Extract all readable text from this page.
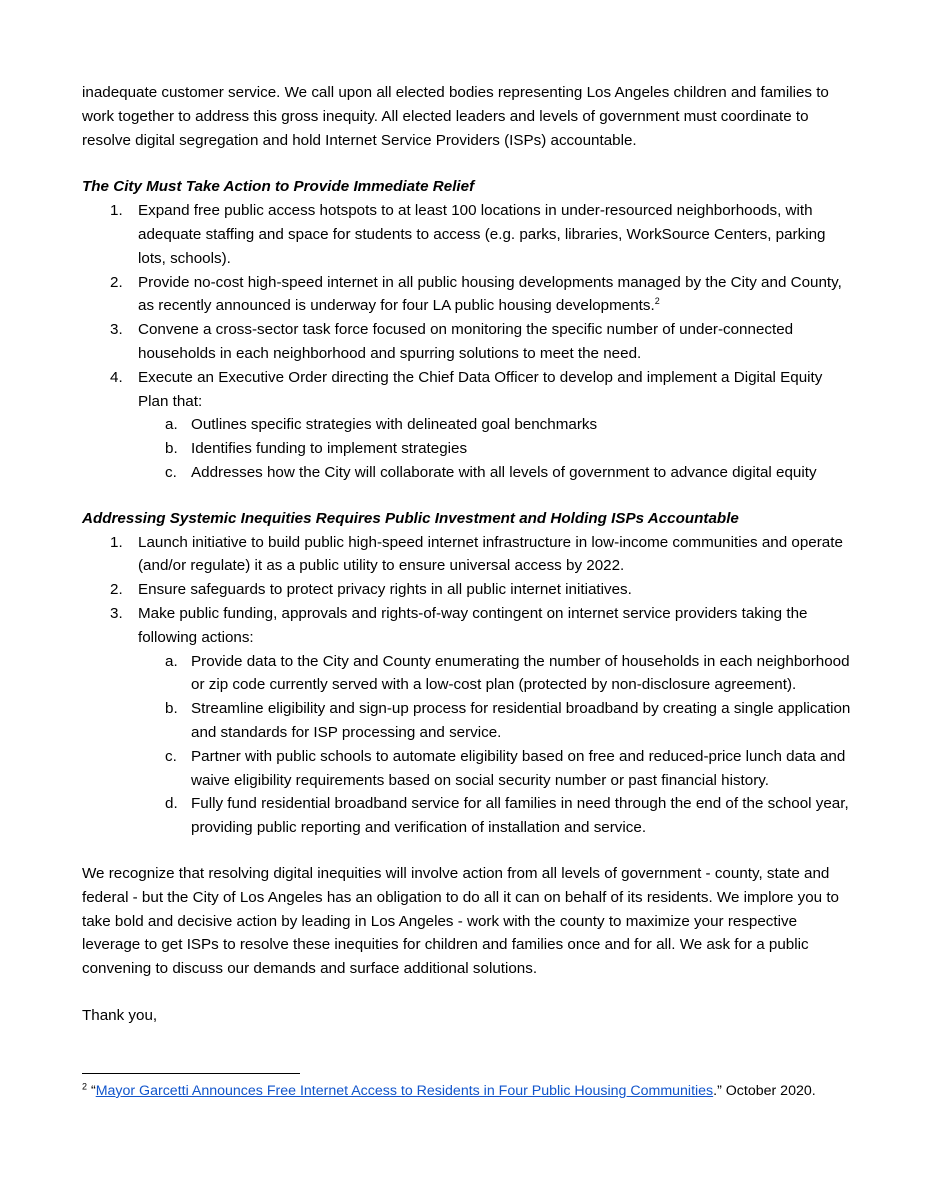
inadequate customer service. We call upon all elected bodies representing Los Angeles children and families to work together to address this gross inequity. All elected leaders and levels of government must coordinate to resolve digital segregation and hold Internet Service Providers (ISPs) accountable.

The City Must Take Action to Provide Immediate Relief

1. Expand free public access hotspots to at least 100 locations in under-resourced neighborhoods, with adequate staffing and space for students to access (e.g. parks, libraries, WorkSource Centers, parking lots, schools).
2. Provide no-cost high-speed internet in all public housing developments managed by the City and County, as recently announced is underway for four LA public housing developments.$^2$
3. Convene a cross-sector task force focused on monitoring the specific number of under-connected households in each neighborhood and spurring solutions to meet the need.
4. Execute an Executive Order directing the Chief Data Officer to develop and implement a Digital Equity Plan that:
a. Outlines specific strategies with delineated goal benchmarks
b. Identifies funding to implement strategies
c. Addresses how the City will collaborate with all levels of government to advance digital equity

Addressing Systemic Inequities Requires Public Investment and Holding ISPs Accountable

1. Launch initiative to build public high-speed internet infrastructure in low-income communities and operate (and/or regulate) it as a public utility to ensure universal access by 2022.
2. Ensure safeguards to protect privacy rights in all public internet initiatives.
3. Make public funding, approvals and rights-of-way contingent on internet service providers taking the following actions:
a. Provide data to the City and County enumerating the number of households in each neighborhood or zip code currently served with a low-cost plan (protected by non-disclosure agreement).
b. Streamline eligibility and sign-up process for residential broadband by creating a single application and standards for ISP processing and service.
c. Partner with public schools to automate eligibility based on free and reduced-price lunch data and waive eligibility requirements based on social security number or past financial history.
d. Fully fund residential broadband service for all families in need through the end of the school year, providing public reporting and verification of installation and service.

We recognize that resolving digital inequities will involve action from all levels of government - county, state and federal - but the City of Los Angeles has an obligation to do all it can on behalf of its residents. We implore you to take bold and decisive action by leading in Los Angeles - work with the county to maximize your respective leverage to get ISPs to resolve these inequities for children and families once and for all. We ask for a public convening to discuss our demands and surface additional solutions.

Thank you,

$^2$ “Mayor Garcetti Announces Free Internet Access to Residents in Four Public Housing Communities.” October 2020.
